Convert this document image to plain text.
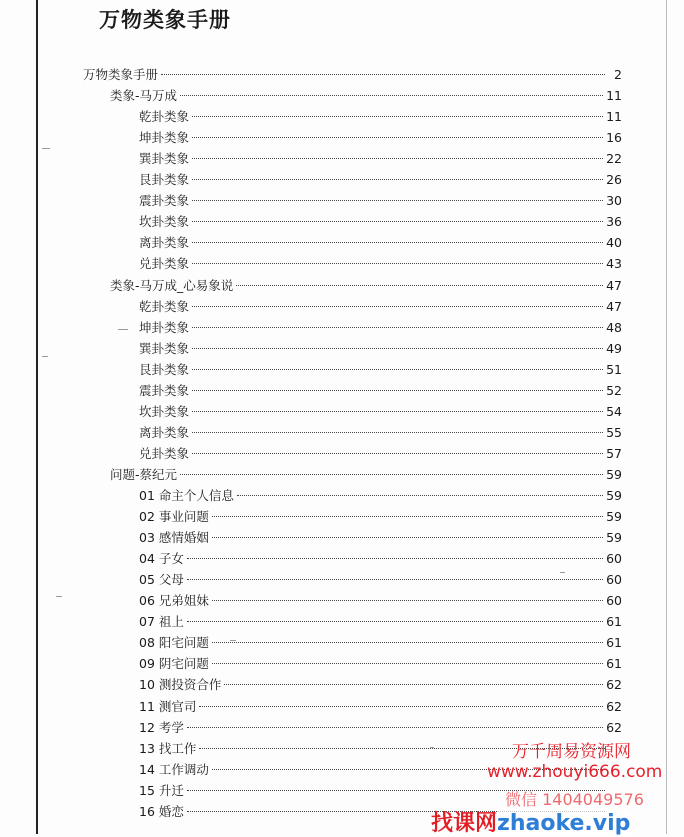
万物类象手册
万物类象手册	2
类象-马万成	11
乾卦类象	11
坤卦类象	16
巽卦类象	22
艮卦类象	26
震卦类象	30
坎卦类象	36
离卦类象	40
兑卦类象	43
类象-马万成_心易象说	47
乾卦类象	47
坤卦类象	48
巽卦类象	49
艮卦类象	51
震卦类象	52
坎卦类象	54
离卦类象	55
兑卦类象	57
问题-蔡纪元	59
01 命主个人信息	59
02 事业问题	59
03 感情婚姻	59
04 子女	60
05 父母	60
06 兄弟姐妹	60
07 祖上	61
08 阳宅问题	61
09 阴宅问题	61
10 测投资合作	62
11 测官司	62
12 考学	62
13 找工作
14 工作调动
15 升迁
16 婚恋
万千周易资源网
www.zhouyi666.com
微信 1404049576
找课网zhaoke.vip
